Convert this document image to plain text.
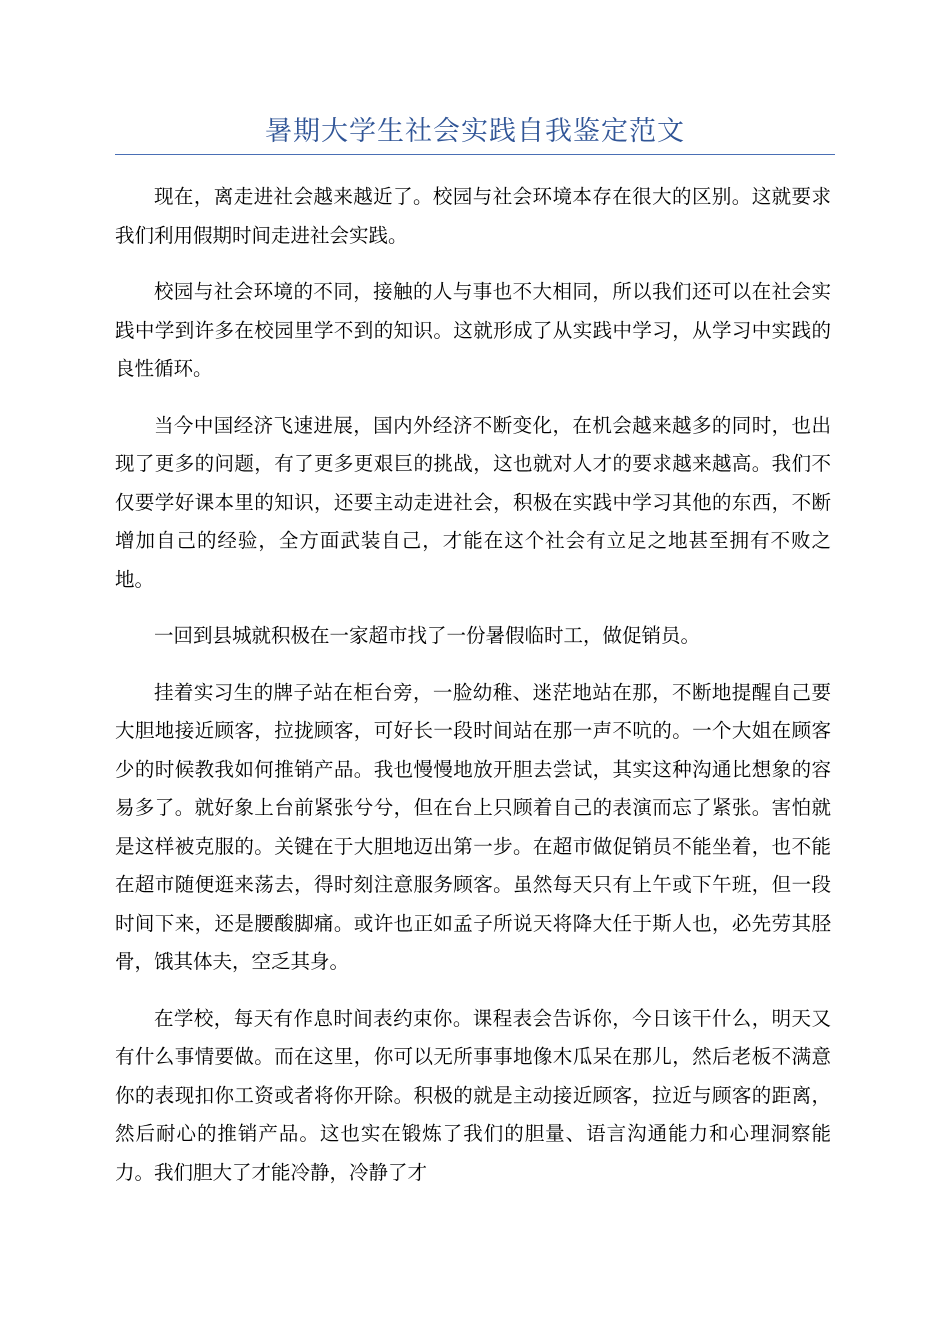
暑期大学生社会实践自我鉴定范文

现在，离走进社会越来越近了。校园与社会环境本存在很大的区别。这就要求我们利用假期时间走进社会实践。

校园与社会环境的不同，接触的人与事也不大相同，所以我们还可以在社会实践中学到许多在校园里学不到的知识。这就形成了从实践中学习，从学习中实践的良性循环。

当今中国经济飞速进展，国内外经济不断变化，在机会越来越多的同时，也出现了更多的问题，有了更多更艰巨的挑战，这也就对人才的要求越来越高。我们不仅要学好课本里的知识，还要主动走进社会，积极在实践中学习其他的东西，不断增加自己的经验，全方面武装自己，才能在这个社会有立足之地甚至拥有不败之地。

一回到县城就积极在一家超市找了一份暑假临时工，做促销员。

挂着实习生的牌子站在柜台旁，一脸幼稚、迷茫地站在那，不断地提醒自己要大胆地接近顾客，拉拢顾客，可好长一段时间站在那一声不吭的。一个大姐在顾客少的时候教我如何推销产品。我也慢慢地放开胆去尝试，其实这种沟通比想象的容易多了。就好象上台前紧张兮兮，但在台上只顾着自己的表演而忘了紧张。害怕就是这样被克服的。关键在于大胆地迈出第一步。在超市做促销员不能坐着，也不能在超市随便逛来荡去，得时刻注意服务顾客。虽然每天只有上午或下午班，但一段时间下来，还是腰酸脚痛。或许也正如孟子所说天将降大任于斯人也，必先劳其胫骨，饿其体夫，空乏其身。

在学校，每天有作息时间表约束你。课程表会告诉你，今日该干什么，明天又有什么事情要做。而在这里，你可以无所事事地像木瓜呆在那儿，然后老板不满意你的表现扣你工资或者将你开除。积极的就是主动接近顾客，拉近与顾客的距离，然后耐心的推销产品。这也实在锻炼了我们的胆量、语言沟通能力和心理洞察能力。我们胆大了才能冷静，冷静了才
